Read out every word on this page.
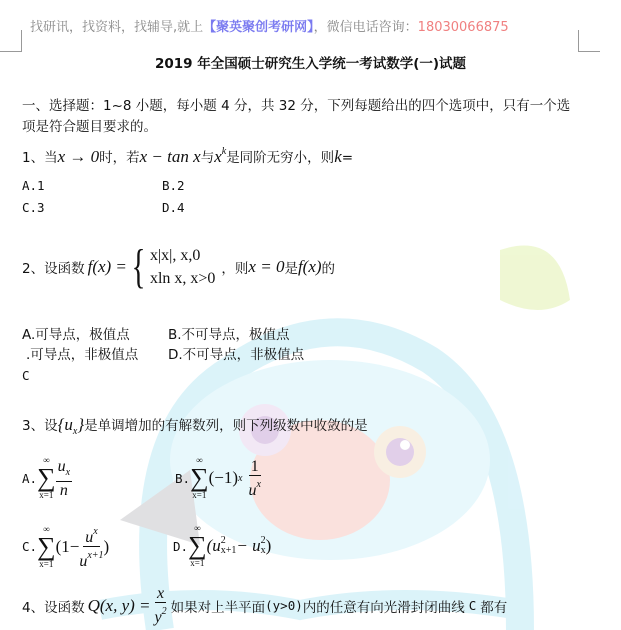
找研讯，找资料，找辅导,就上【聚英聚创考研网】，微信电话咨询：18030066875
2019 年全国硕士研究生入学统一考试数学(一)试题
一、选择题：1~8 小题，每小题 4 分，共 32 分，下列每题给出的四个选项中，只有一个选
项是符合题目要求的。
1、当x → 0时，若x − tan x与$x^k$是同阶无穷小，则k=
A.1	B.2
C.3	D.4
2、设函数 f(x) = { x|x|, x,0
xln x, x>0
，则 x = 0 是 f(x) 的
A.可导点，极值点	B.不可导点，极值点
.可导点，非极值点 D.不可导点，非极值点
C
3、设$\{u_x\}$是单调增加的有解数列，则下列级数中收敛的是
A.
∞
∑
$x=1 \frac{u_x}{n}$	B.
∞
∑
x=1
(−1) x $\frac{1}{u^x}$
C.
∞
∑
x=1
($1- \frac{u^x}{u^{x+1}}$ )	D.
∞
∑
x=1
(u 2
x+1 − u 2
x )
4、设函数 Q(x, $y) = \frac{x}{y^2}$ 如果对上半平面 (y>0) 内的任意有向光滑封闭曲线 C 都有
